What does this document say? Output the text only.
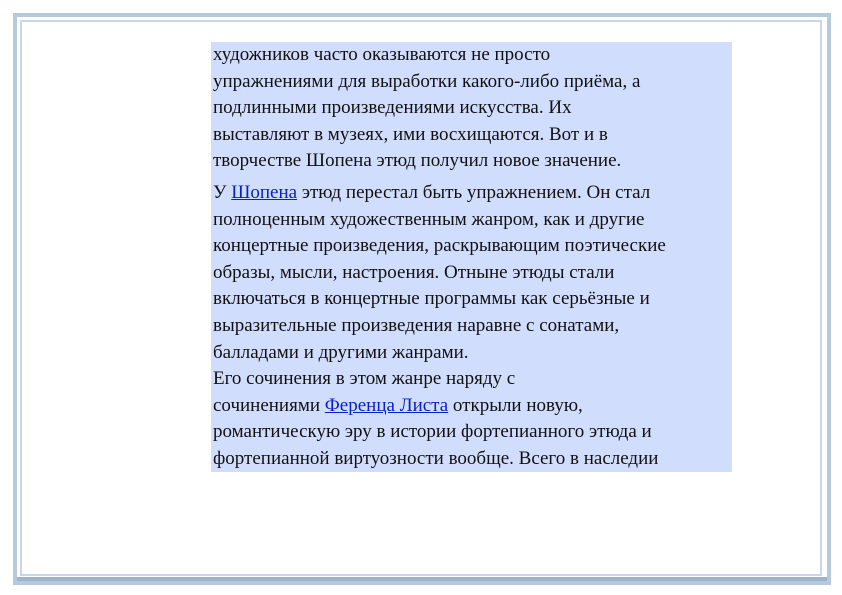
художников часто оказываются не просто
упражнениями для выработки какого-либо приёма, а
подлинными произведениями искусства. Их
выставляют в музеях, ими восхищаются. Вот и в
творчестве Шопена этюд получил новое значение.
У Шопена этюд перестал быть упражнением. Он стал
полноценным художественным жанром, как и другие
концертные произведения, раскрывающим поэтические
образы, мысли, настроения. Отныне этюды стали
включаться в концертные программы как серьёзные и
выразительные произведения наравне с сонатами,
балладами и другими жанрами.
Его сочинения в этом жанре наряду с
сочинениями Ференца Листа открыли новую,
романтическую эру в истории фортепианного этюда и
фортепианной виртуозности вообще. Всего в наследии
